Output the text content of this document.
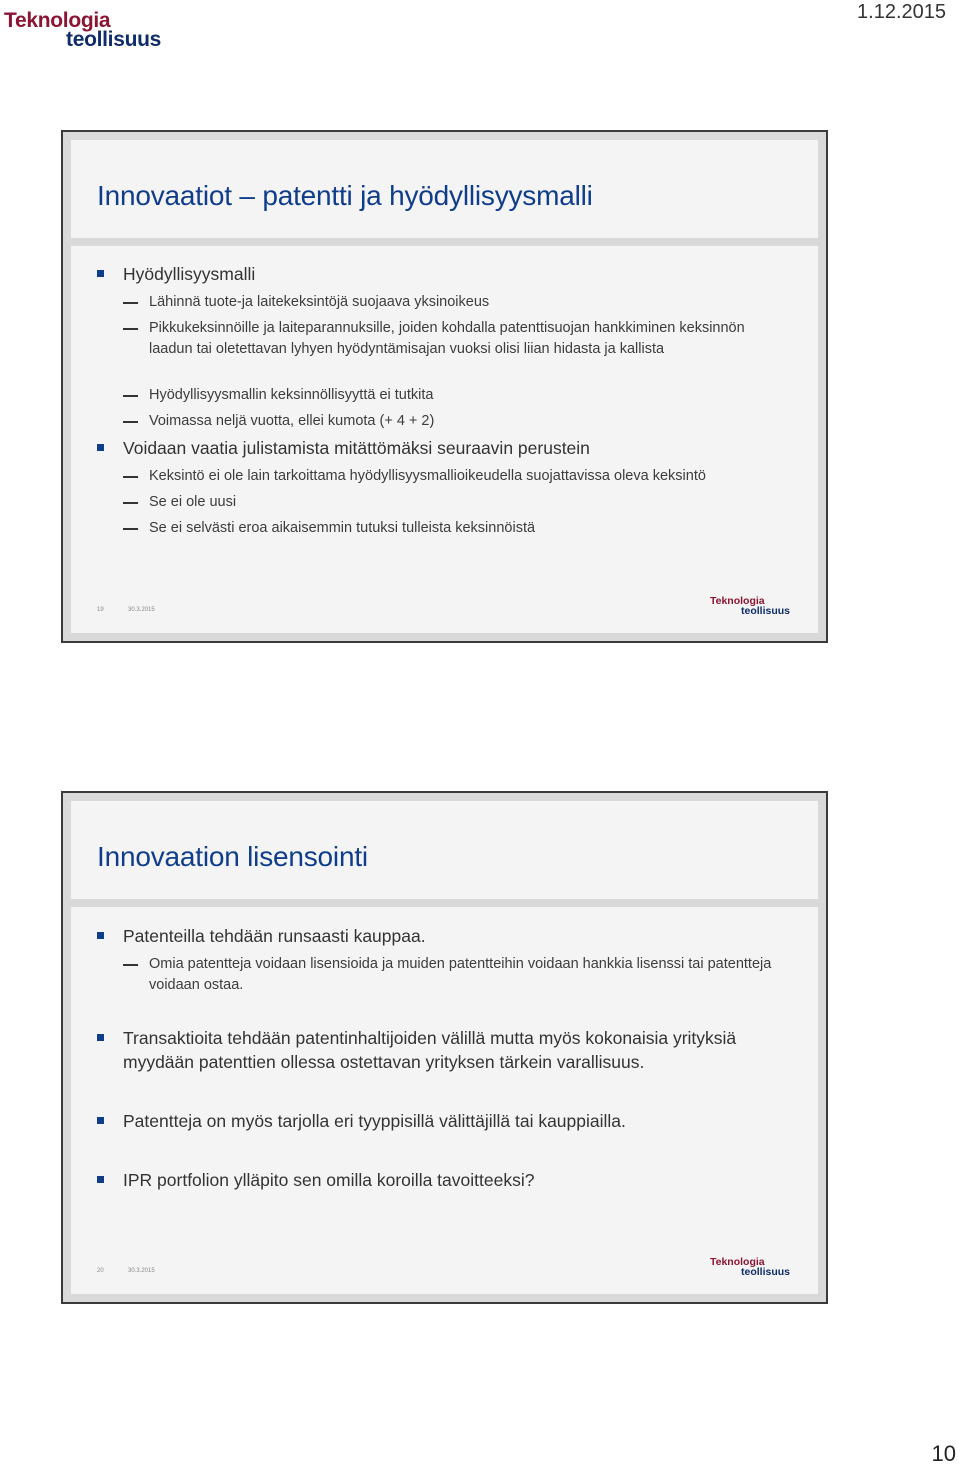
Teknologia
teollisuus
1.12.2015
Innovaatiot – patentti ja hyödyllisyysmalli
Hyödyllisyysmalli
Lähinnä tuote-ja laitekeksintöjä suojaava yksinoikeus
Pikkukeksinnöille ja laiteparannuksille, joiden kohdalla patenttisuojan hankkiminen keksinnön laadun tai oletettavan lyhyen hyödyntämisajan vuoksi olisi liian hidasta ja kallista
Hyödyllisyysmallin keksinnöllisyyttä ei tutkita
Voimassa neljä vuotta, ellei kumota (+ 4 + 2)
Voidaan vaatia julistamista mitättömäksi seuraavin perustein
Keksintö ei ole lain tarkoittama hyödyllisyysmallioikeudella suojattavissa oleva keksintö
Se ei ole uusi
Se ei selvästi eroa aikaisemmin tutuksi tulleista keksinnöistä
19	30.3.2015
Teknologia
teollisuus
Innovaation lisensointi
Patenteilla tehdään runsaasti kauppaa.
Omia patentteja voidaan lisensioida ja muiden patentteihin voidaan hankkia lisenssi tai patentteja voidaan ostaa.
Transaktioita tehdään patentinhaltijoiden välillä mutta myös kokonaisia yrityksiä myydään patenttien ollessa ostettavan yrityksen tärkein varallisuus.
Patentteja on myös tarjolla eri tyyppisillä välittäjillä tai kauppiailla.
IPR portfolion ylläpito sen omilla koroilla tavoitteeksi?
20	30.3.2015
Teknologia
teollisuus
10
